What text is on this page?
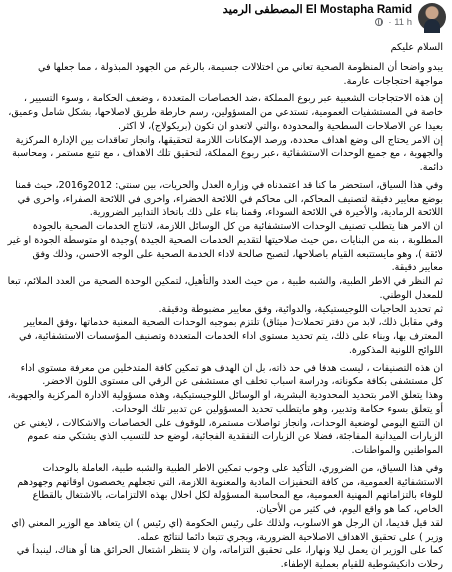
المصطفى الرميد El Mostapha Ramid
· 11 h

السلام عليكم

يبدو واضحا أن المنظومة الصحية تعاني من اختلالات جسيمة، بالرغم من الجهود المبذولة ، مما جعلها في مواجهة احتجاجات عارمة.

إن هذه الاحتجاجات الشعبية عبر ربوع المملكة ،ضد الخصاصات المتعددة ، وضعف الحكامة ، وسوء التسيير ، خاصة في المستشفيات العمومية، تستدعي من المسؤولين، رسم خارطة طريق لاصلاحها، بشكل شامل وعميق، بعيدا عن الاصلاحات السطحية والمحدودة ،والتي لاتعدو ان تكون (بريكولاج)، لا اكثر.

إن الامر يحتاج الى وضع اهداف محددة، ورصد الإمكانات اللازمة لتحقيقها، وانجاز تعاقدات بين الإدارة المركزية والجهوية ، مع جميع الوحدات الاستشفائية ،عبر ربوع المملكة، لتحقيق تلك الاهداف ، مع تتبع مستمر ، ومحاسبة دائمة.

وفي هذا السياق، استحضر ما كنا قد اعتمدناه في وزارة العدل والحريات، بين سنتي: 2012و2016، حيث قمنا بوضع معايير دقيقة لتصنيف المحاكم، الى محاكم في اللائحة الخضراء، واخرى في اللائحة الصفراء، واخرى في اللائحة الرمادية، والأخيرة في اللائحة السوداء، وقمنا بناء على ذلك باتخاذ التدابير الضرورية.

ان الامر هنا يتطلب تصنيف الوحدات الاستشفائية من كل الوسائل اللازمة، لانتاج الخدمات الصحية بالجودة المطلوبة ، بنه من البنايات ،من حيث صلاحيتها لتقديم الخدمات الصحية الجيدة )وجيدة او متوسطة الجودة او غير لائقة )، وهو مايستتبعه القيام باصلاحها، لتصبح صالحة لاداء الخدمة الصحية على الوجه الاحسن، وذلك وفق معايير دقيقة.

ثم النظر في الاطر الطبية، والشبه طبية ، من حيث العدد والتأهيل، لتمكين الوحدة الصحية من العدد الملائم، تبعا للمعدل الوطني.

ثم تحديد الحاجيات اللوجيستيكية، والدوائية، وفق معايير مضبوطة ودقيقة.

وفي مقابل ذلك، لابد من دفتر تحملات( ميثاق) تلتزم بموجبه الوحدات الصحية المعنية خدماتها ،وفق المعايير المعترف بها، وبناء على ذلك، يتم تحديد مستوى اداء الخدمات المتعددة وتصنيف المؤسسات الاستشفائية، في اللوائح اللونية المذكورة.

ان هذه التصنيفات ، ليست هدفا في حد ذاته، بل ان الهدف هو تمكين كافة المتدخلين من معرفة مستوى اداء كل مستشفى بكافة مكوناته، ودراسة اسباب تخلف اي مستشفى عن الرقي الى مستوى اللون الاخضر.

وهذا يتعلق الامر بتحديد المحدودية البشرية، او الوسائل اللوجيستيكية، وهذه مسؤولية الادارة المركزية والجهوية، أو يتعلق بسوء حكامة وتدبير، وهو مايتطلب تحديد المسؤولين عن تدبير تلك الوحدات.

ان التتبع اليومي لوضعية الوحدات، وانجاز تواصلات مستمرة، للوقوف على الخصاصات والاشكالات ، لايغني عن الزيارات الميدانية المفاجئة، فضلا عن الزيارات التفقدية الفجائية، لوضع حد للتسيب الذي يشتكي منه عموم المواطنين والمواطنات.

وفي هذا السياق، من الضروري، التأكيد على وجوب تمكين الاطر الطبية والشبه طبية، العاملة بالوحدات الاستشفائية العمومية، من كافة التحفيزات المادية والمعنوية اللازمة، التي تجعلهم يخصصون اوقاتهم وجهودهم للوفاء بالتزاماتهم المهنية العمومية، مع المحاسبة المسؤولة لكل اخلال بهذه الالتزامات، بالاشتغال بالقطاع الخاص، كما هو واقع اليوم، في كثير من الأحيان.

لقد قيل قديما، ان الرجل هو الاسلوب، ولذلك على رئيس الحكومة (اي رئيس ) ان يتعاهد مع الوزير المعني (اي وزير ) على تحقيق الاهداف الاصلاحية الضرورية، ويجري تتبعا دائما لنتائج عمله.

كما على الوزير ان يعمل ليلا ونهارا، على تحقيق التزاماته، وان لا ينتظر اشتعال الحرائق هنا أو هناك، لينبدأ في رحلات دانكيشوطية للقيام بعملية الإطفاء.
